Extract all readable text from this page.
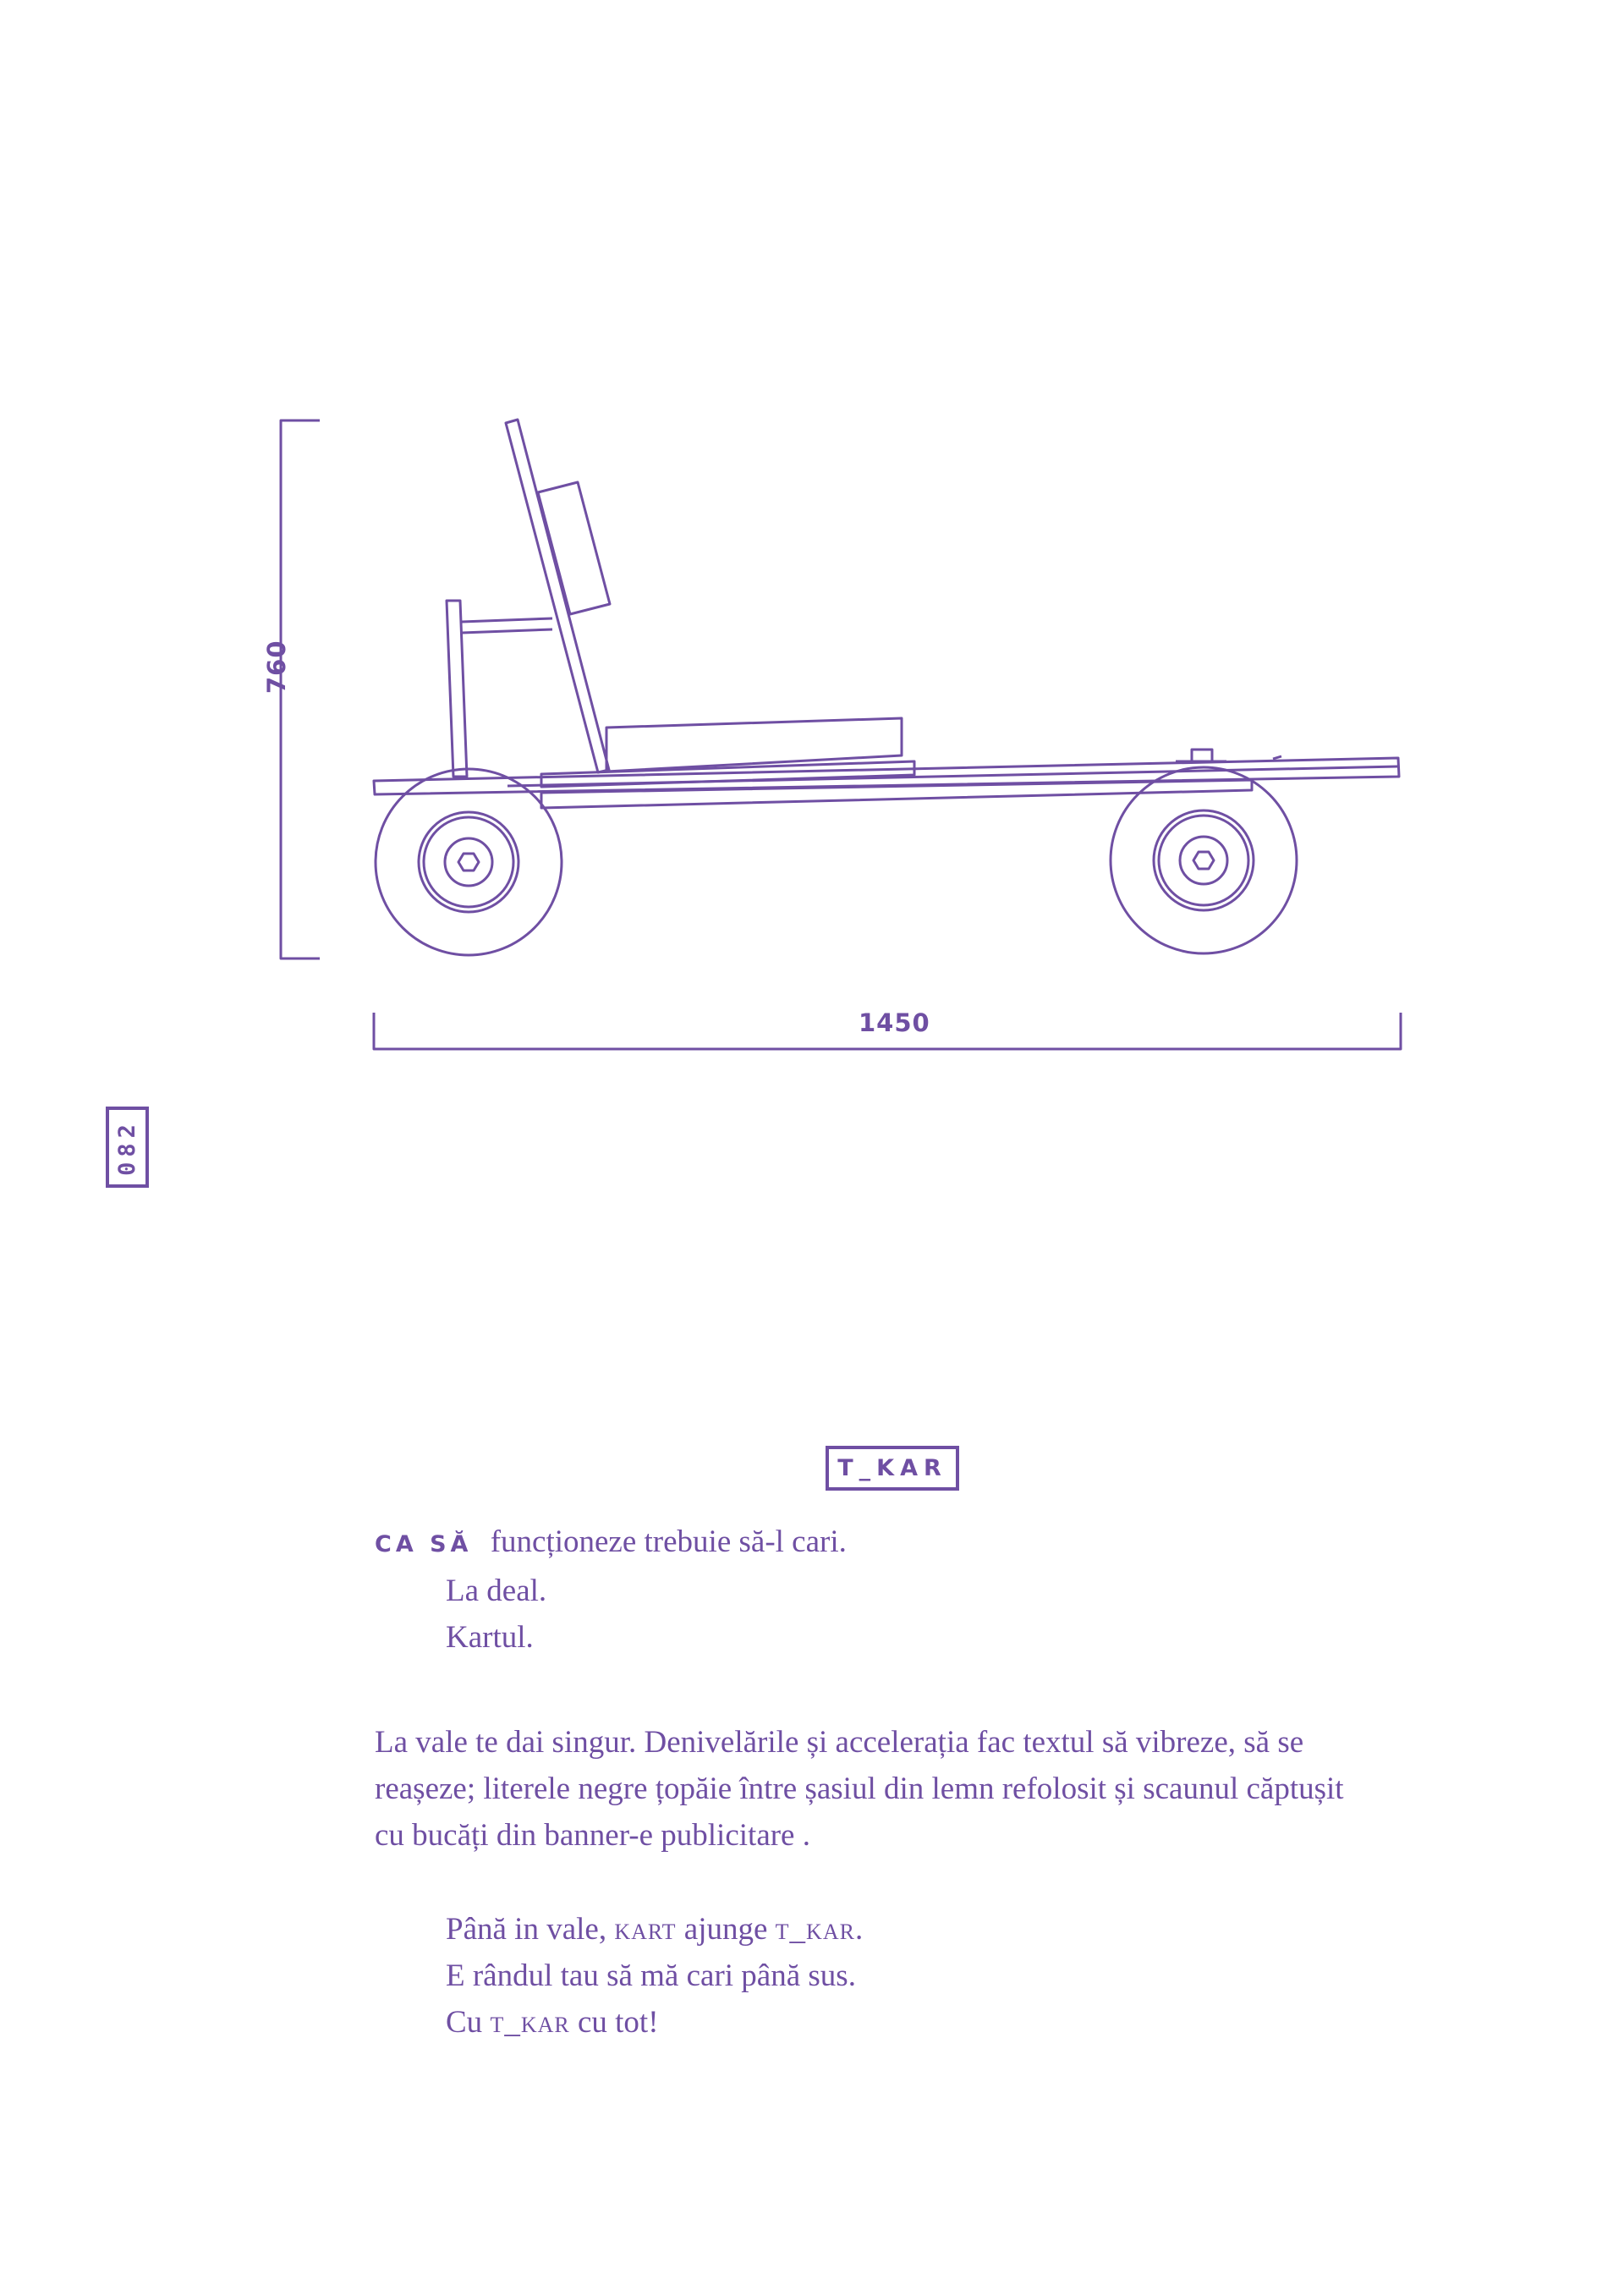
760
1450
082
T_KAR
CA SĂ funcționeze trebuie să-l cari.
La deal.
Kartul.
La vale te dai singur. Denivelările și accelerația fac textul să vibreze, să se
reașeze; literele negre țopăie între șasiul din lemn refolosit și scaunul căptușit
cu bucăți din banner-e publicitare .
Până in vale, kart ajunge t_kar.
E rândul tau să mă cari până sus.
Cu t_kar cu tot!
